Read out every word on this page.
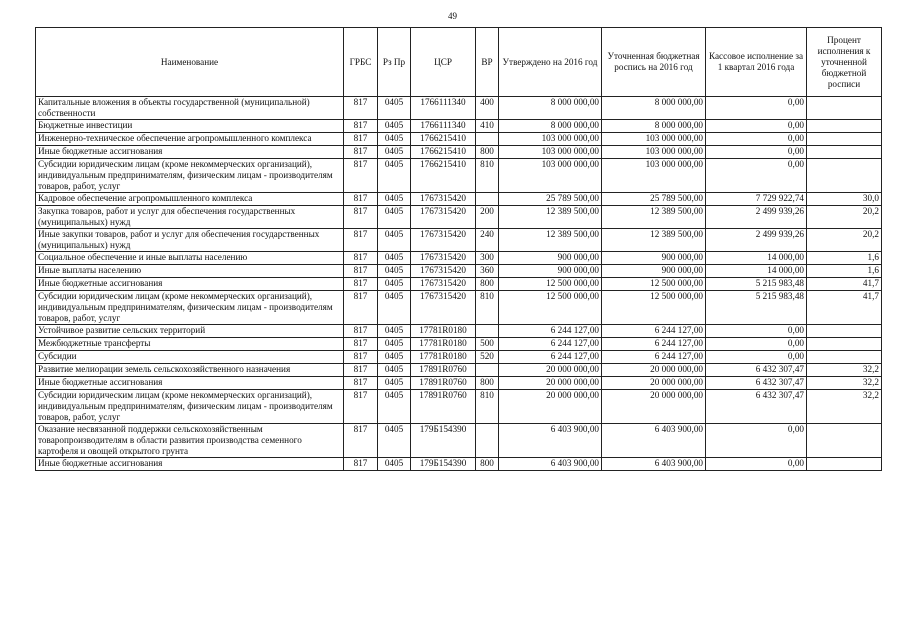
49
Наименование	ГРБС	Рз Пр	ЦСР	ВР	Утверждено на 2016 год	Уточненная бюджетная роспись на 2016 год	Кассовое исполнение за 1 квартал 2016 года	Процент исполнения к уточненной бюджетной росписи
Капитальные вложения в объекты государственной (муниципальной) собственности	817	0405	1766111340	400	8 000 000,00	8 000 000,00	0,00	
Бюджетные инвестиции	817	0405	1766111340	410	8 000 000,00	8 000 000,00	0,00	
Инженерно-техническое обеспечение агропромышленного комплекса	817	0405	1766215410		103 000 000,00	103 000 000,00	0,00	
Иные бюджетные ассигнования	817	0405	1766215410	800	103 000 000,00	103 000 000,00	0,00	
Субсидии юридическим лицам (кроме некоммерческих организаций), индивидуальным предпринимателям, физическим лицам - производителям товаров, работ, услуг	817	0405	1766215410	810	103 000 000,00	103 000 000,00	0,00	
Кадровое обеспечение агропромышленного комплекса	817	0405	1767315420		25 789 500,00	25 789 500,00	7 729 922,74	30,0
Закупка товаров, работ и услуг для обеспечения государственных (муниципальных) нужд	817	0405	1767315420	200	12 389 500,00	12 389 500,00	2 499 939,26	20,2
Иные закупки товаров, работ и услуг для обеспечения государственных (муниципальных) нужд	817	0405	1767315420	240	12 389 500,00	12 389 500,00	2 499 939,26	20,2
Социальное обеспечение и иные выплаты населению	817	0405	1767315420	300	900 000,00	900 000,00	14 000,00	1,6
Иные выплаты населению	817	0405	1767315420	360	900 000,00	900 000,00	14 000,00	1,6
Иные бюджетные ассигнования	817	0405	1767315420	800	12 500 000,00	12 500 000,00	5 215 983,48	41,7
Субсидии юридическим лицам (кроме некоммерческих организаций), индивидуальным предпринимателям, физическим лицам - производителям товаров, работ, услуг	817	0405	1767315420	810	12 500 000,00	12 500 000,00	5 215 983,48	41,7
Устойчивое развитие сельских территорий	817	0405	17781R0180		6 244 127,00	6 244 127,00	0,00	
Межбюджетные трансферты	817	0405	17781R0180	500	6 244 127,00	6 244 127,00	0,00	
Субсидии	817	0405	17781R0180	520	6 244 127,00	6 244 127,00	0,00	
Развитие мелиорации земель сельскохозяйственного назначения	817	0405	17891R0760		20 000 000,00	20 000 000,00	6 432 307,47	32,2
Иные бюджетные ассигнования	817	0405	17891R0760	800	20 000 000,00	20 000 000,00	6 432 307,47	32,2
Субсидии юридическим лицам (кроме некоммерческих организаций), индивидуальным предпринимателям, физическим лицам - производителям товаров, работ, услуг	817	0405	17891R0760	810	20 000 000,00	20 000 000,00	6 432 307,47	32,2
Оказание несвязанной поддержки сельскохозяйственным товаропроизводителям в области развития производства семенного картофеля и овощей открытого грунта	817	0405	179Б154390		6 403 900,00	6 403 900,00	0,00	
Иные бюджетные ассигнования	817	0405	179Б154390	800	6 403 900,00	6 403 900,00	0,00	
